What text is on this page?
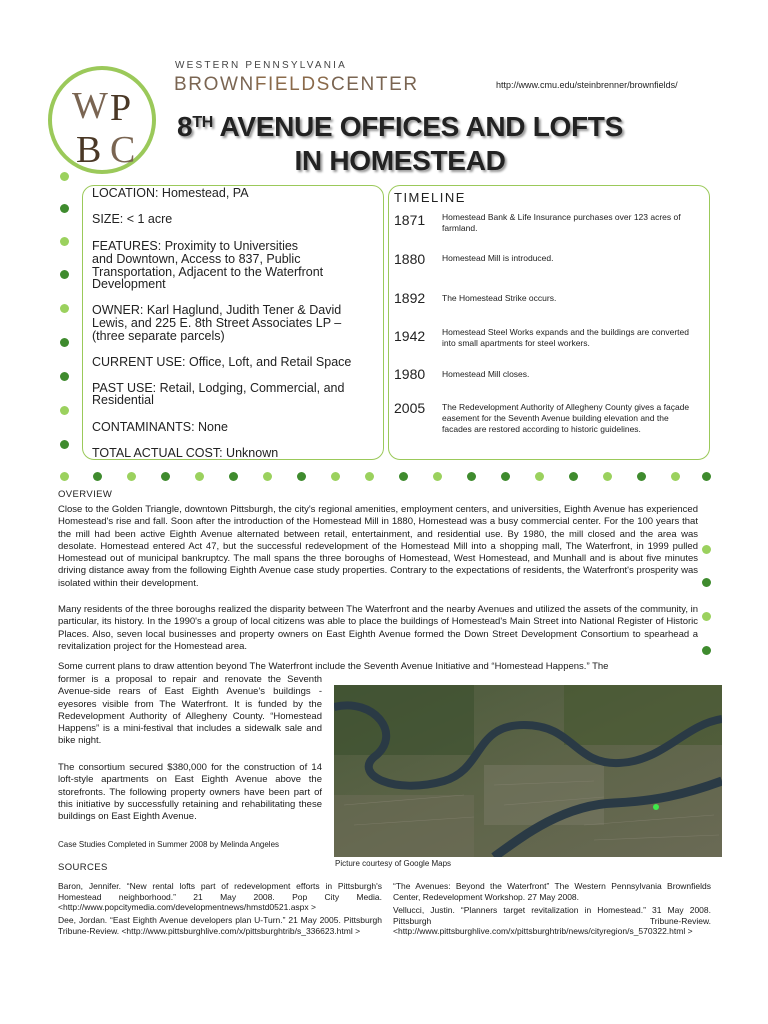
W P
B C
WESTERN PENNSYLVANIA
BROWNFIELDSCENTER	http://www.cmu.edu/steinbrenner/brownfields/
8TH AVENUE OFFICES AND LOFTS
IN HOMESTEAD
LOCATION: Homestead, PA
SIZE: < 1 acre
FEATURES: Proximity to Universities
and Downtown, Access to 837, Public
Transportation, Adjacent to the Waterfront
Development
OWNER: Karl Haglund, Judith Tener & David
Lewis, and 225 E. 8th Street Associates LP –
(three separate parcels)
CURRENT USE: Office, Loft, and Retail Space
PAST USE: Retail, Lodging, Commercial, and
Residential
CONTAMINANTS: None
TOTAL ACTUAL COST: Unknown
TIMELINE
1871 Homestead Bank & Life Insurance purchases over 123 acres of farmland.
1880 Homestead Mill is introduced.
1892 The Homestead Strike occurs.
1942 Homestead Steel Works expands and the buildings are converted into small apartments for steel workers.
1980 Homestead Mill closes.
2005 The Redevelopment Authority of Allegheny County gives a façade easement for the Seventh Avenue building elevation and the facades are restored according to historic guidelines.
OVERVIEW
Close to the Golden Triangle, downtown Pittsburgh, the city's regional amenities, employment centers, and universities, Eighth Avenue has experienced Homestead's rise and fall. Soon after the introduction of the Homestead Mill in 1880, Homestead was a busy commercial center. For the 100 years that the mill had been active Eighth Avenue alternated between retail, entertainment, and residential use. By 1980, the mill closed and the area was desolate. Homestead entered Act 47, but the successful redevelopment of the Homestead Mill into a shopping mall, The Waterfront, in 1999 pulled Homestead out of municipal bankruptcy. The mall spans the three boroughs of Homestead, West Homestead, and Munhall and is about five minutes driving distance away from the following Eighth Avenue case study properties. Contrary to the expectations of residents, the Waterfront's prosperity was isolated within their development.
Many residents of the three boroughs realized the disparity between The Waterfront and the nearby Avenues and utilized the assets of the community, in particular, its history. In the 1990's a group of local citizens was able to place the buildings of Homestead's Main Street into National Register of Historic Places. Also, seven local businesses and property owners on East Eighth Avenue formed the Down Street Development Consortium to spearhead a revitalization project for the Homestead area.
Some current plans to draw attention beyond The Waterfront include the Seventh Avenue Initiative and “Homestead Happens.” The
former is a proposal to repair and renovate the Seventh Avenue-side rears of East Eighth Avenue's buildings - eyesores visible from The Waterfront. It is funded by the Redevelopment Authority of Allegheny County. “Homestead Happens” is a mini-festival that includes a sidewalk sale and bike night.
The consortium secured $380,000 for the construction of 14 loft-style apartments on East Eighth Avenue above the storefronts. The following property owners have been part of this initiative by successfully retaining and rehabilitating these buildings on East Eighth Avenue.
Case Studies Completed in Summer 2008 by Melinda Angeles
Picture courtesy of Google Maps
SOURCES
Baron, Jennifer. “New rental lofts part of redevelopment efforts in Pittsburgh's Homestead neighborhood.” 21 May 2008. Pop City Media. <http://www.popcitymedia.com/developmentnews/hmstd0521.aspx >
Dee, Jordan. “East Eighth Avenue developers plan U-Turn.” 21 May 2005. Pittsburgh Tribune-Review. <http://www.pittsburghlive.com/x/pittsburghtrib/s_336623.html >
“The Avenues: Beyond the Waterfront” The Western Pennsylvania Brownfields Center, Redevelopment Workshop. 27 May 2008.
Vellucci, Justin. “Planners target revitalization in Homestead.” 31 May 2008. Pittsburgh Tribune-Review. <http://www.pittsburghlive.com/x/pittsburghtrib/news/cityregion/s_570322.html >
